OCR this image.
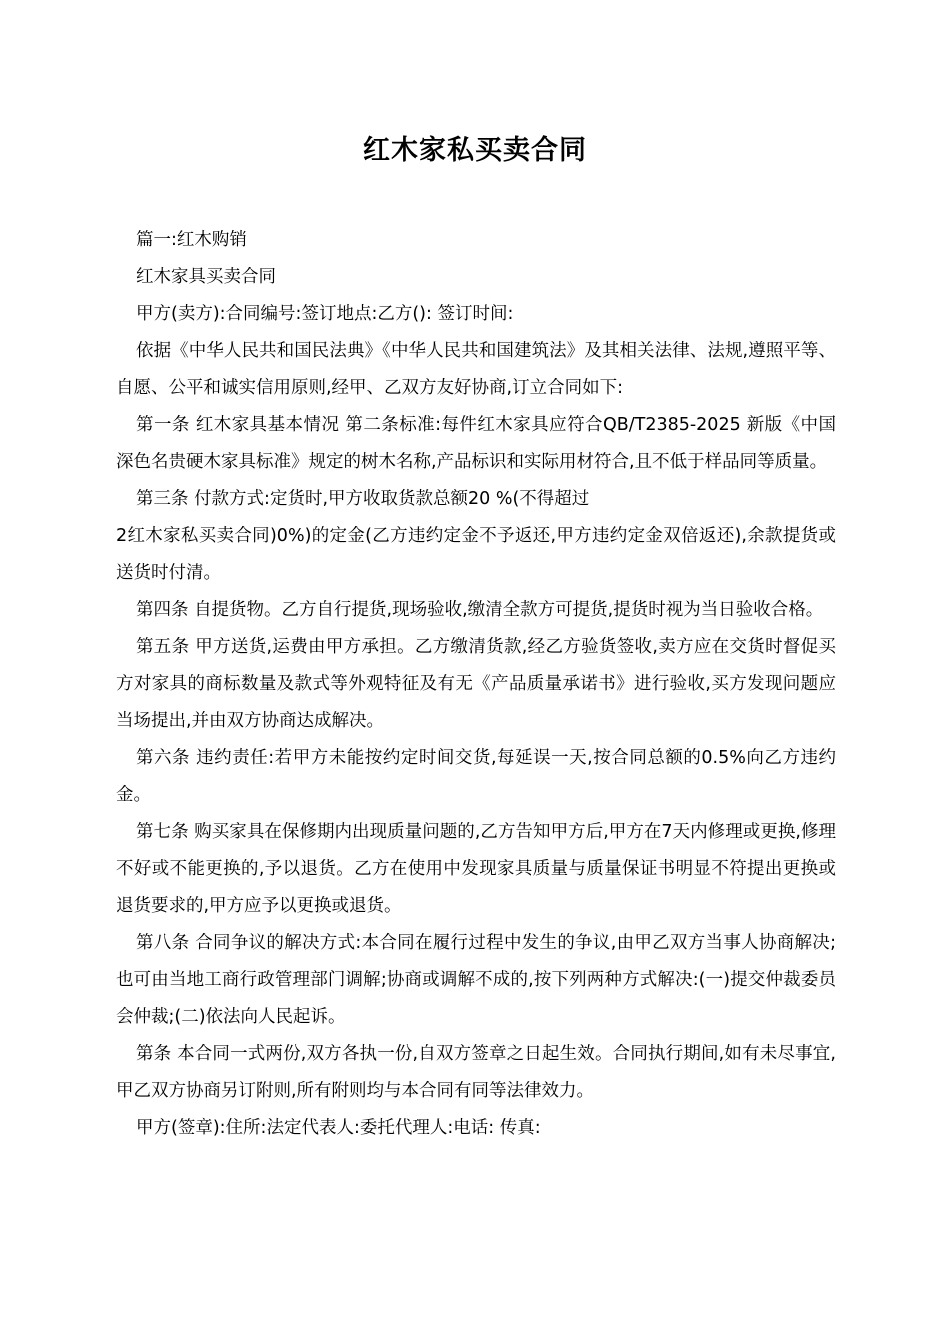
红木家私买卖合同

篇一:红木购销

红木家具买卖合同

甲方(卖方):合同编号:签订地点:乙方(): 签订时间:

依据《中华人民共和国民法典》《中华人民共和国建筑法》及其相关法律、法规,遵照平等、自愿、公平和诚实信用原则,经甲、乙双方友好协商,订立合同如下:

第一条 红木家具基本情况 第二条标准:每件红木家具应符合QB/T2385-2025 新版《中国深色名贵硬木家具标准》规定的树木名称,产品标识和实际用材符合,且不低于样品同等质量。

第三条 付款方式:定货时,甲方收取货款总额20 %(不得超过

2红木家私买卖合同)0%)的定金(乙方违约定金不予返还,甲方违约定金双倍返还),余款提货或送货时付清。

第四条 自提货物。乙方自行提货,现场验收,缴清全款方可提货,提货时视为当日验收合格。

第五条 甲方送货,运费由甲方承担。乙方缴清货款,经乙方验货签收,卖方应在交货时督促买方对家具的商标数量及款式等外观特征及有无《产品质量承诺书》进行验收,买方发现问题应当场提出,并由双方协商达成解决。

第六条 违约责任:若甲方未能按约定时间交货,每延误一天,按合同总额的0.5%向乙方违约金。

第七条 购买家具在保修期内出现质量问题的,乙方告知甲方后,甲方在7天内修理或更换,修理不好或不能更换的,予以退货。乙方在使用中发现家具质量与质量保证书明显不符提出更换或退货要求的,甲方应予以更换或退货。

第八条 合同争议的解决方式:本合同在履行过程中发生的争议,由甲乙双方当事人协商解决;也可由当地工商行政管理部门调解;协商或调解不成的,按下列两种方式解决:(一)提交仲裁委员会仲裁;(二)依法向人民起诉。

第条 本合同一式两份,双方各执一份,自双方签章之日起生效。合同执行期间,如有未尽事宜,甲乙双方协商另订附则,所有附则均与本合同有同等法律效力。

甲方(签章):住所:法定代表人:委托代理人:电话: 传真:
